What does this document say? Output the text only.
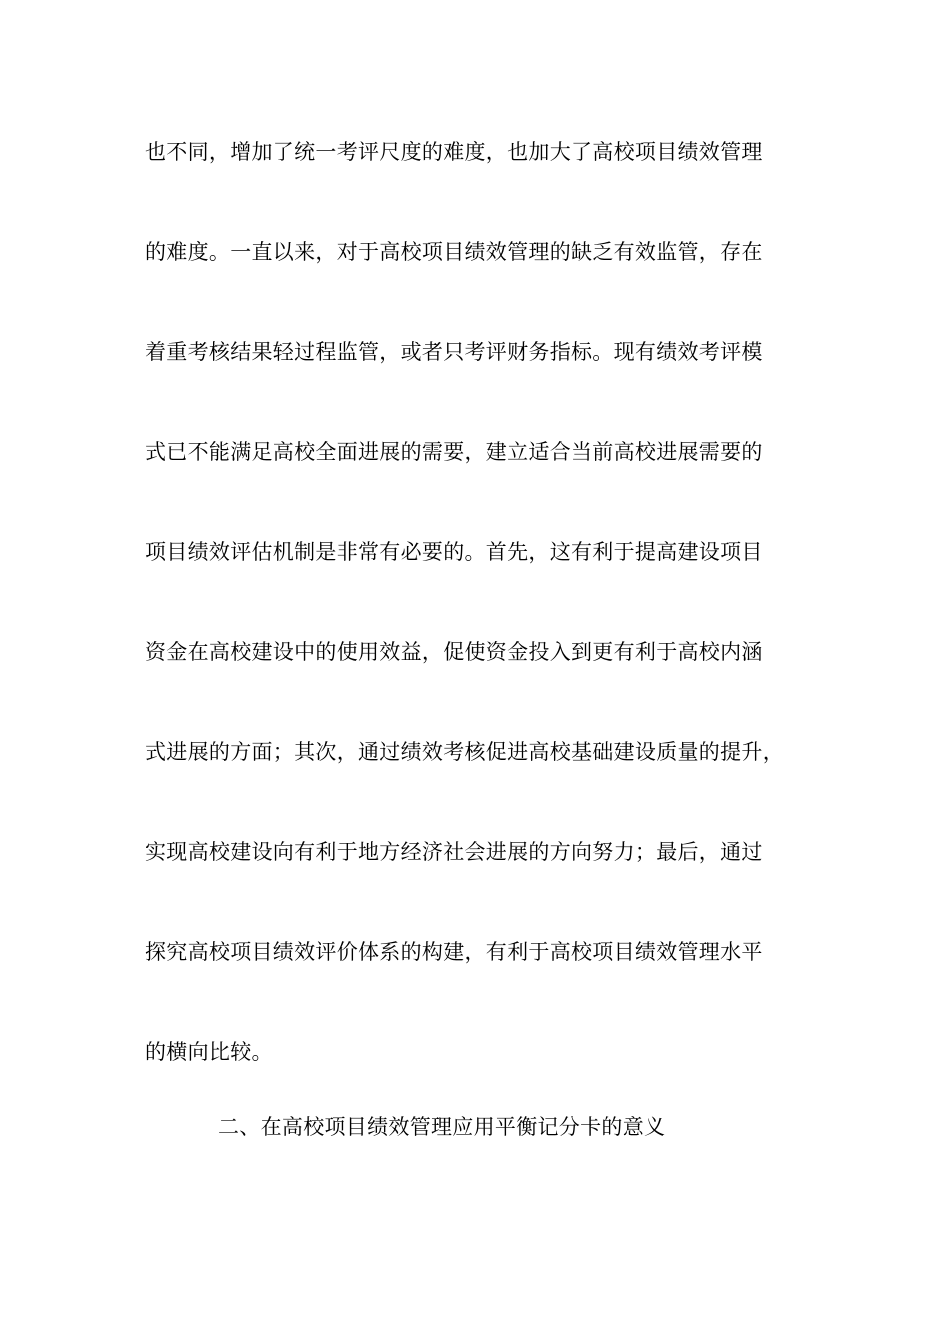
也不同，增加了统一考评尺度的难度，也加大了高校项目绩效管理
的难度。一直以来，对于高校项目绩效管理的缺乏有效监管，存在
着重考核结果轻过程监管，或者只考评财务指标。现有绩效考评模
式已不能满足高校全面进展的需要，建立适合当前高校进展需要的
项目绩效评估机制是非常有必要的。首先，这有利于提高建设项目
资金在高校建设中的使用效益，促使资金投入到更有利于高校内涵
式进展的方面；其次，通过绩效考核促进高校基础建设质量的提升，
实现高校建设向有利于地方经济社会进展的方向努力；最后，通过
探究高校项目绩效评价体系的构建，有利于高校项目绩效管理水平
的横向比较。
二、在高校项目绩效管理应用平衡记分卡的意义
